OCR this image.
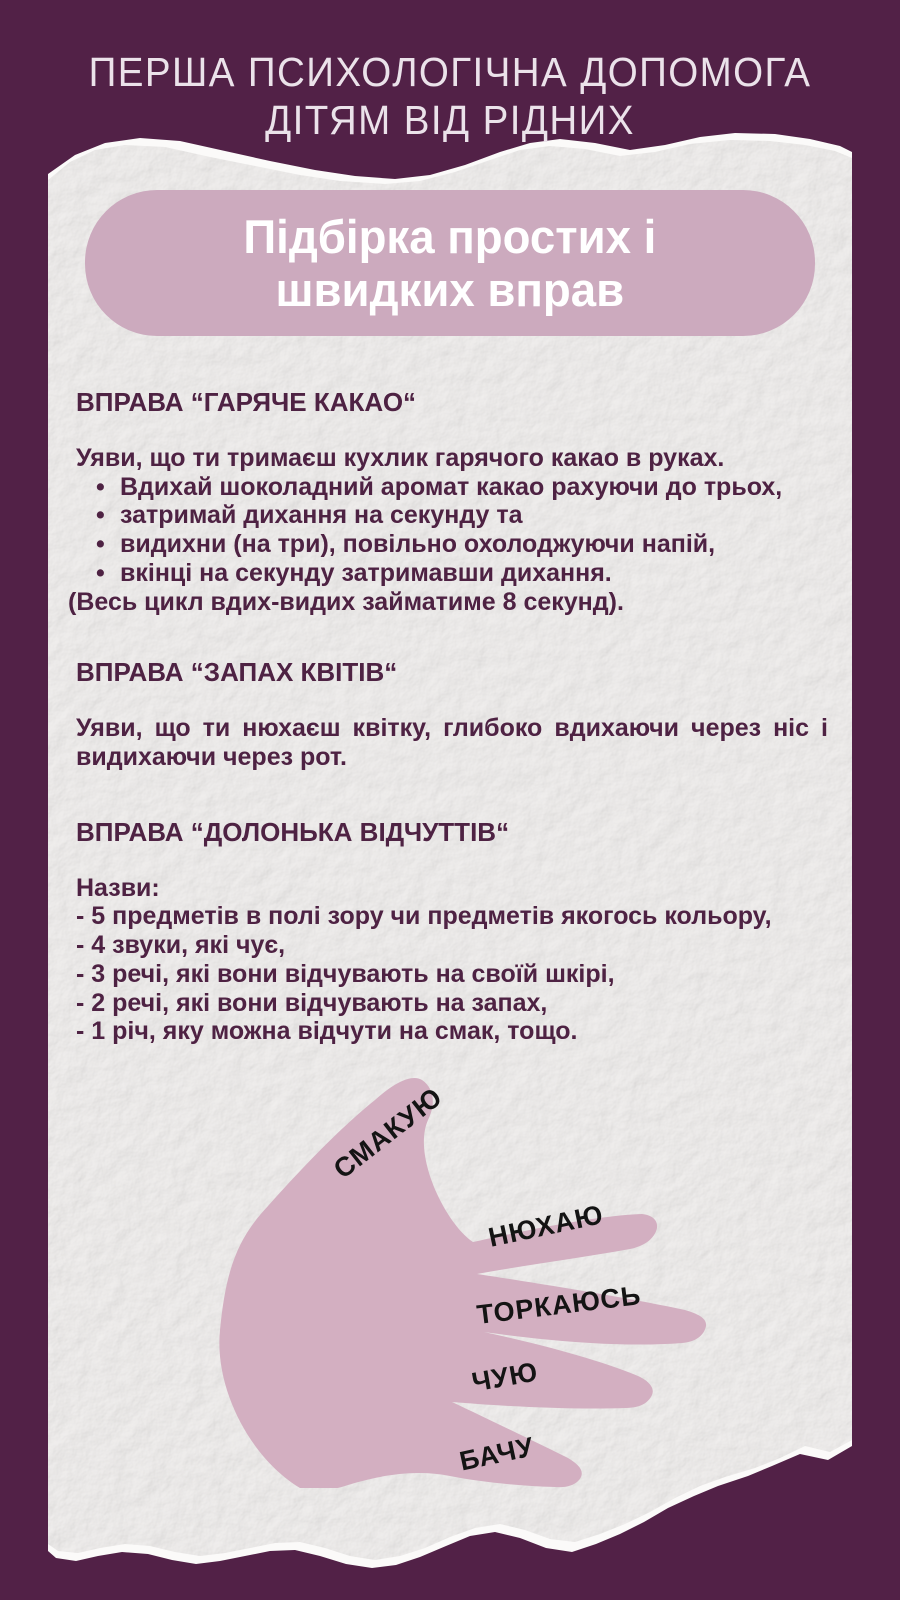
ПЕРША ПСИХОЛОГІЧНА ДОПОМОГА
ДІТЯМ ВІД РІДНИХ
Підбірка простих і
швидких вправ

ВПРАВА “ГАРЯЧЕ КАКАО“

Уяви, що ти тримаєш кухлик гарячого какао в руках.

• Вдихай шоколадний аромат какао рахуючи до трьох,
• затримай дихання на секунду та
• видихни (на три), повільно охолоджуючи напій,
• вкінці на секунду затримавши дихання.

(Весь цикл вдих-видих займатиме 8 секунд).

ВПРАВА “ЗАПАХ КВІТІВ“

Уяви, що ти нюхаєш квітку, глибоко вдихаючи через ніс і видихаючи через рот.

ВПРАВА “ДОЛОНЬКА ВІДЧУТТІВ“

Назви:

- 5 предметів в полі зору чи предметів якогось кольору,

- 4 звуки, які чує,

- 3 речі, які вони відчувають на своїй шкірі,

- 2 речі, які вони відчувають на запах,

- 1 річ, яку можна відчути на смак, тощо.

СМАКУЮ
НЮХАЮ
ТОРКАЮСЬ
ЧУЮ
БАЧУ
